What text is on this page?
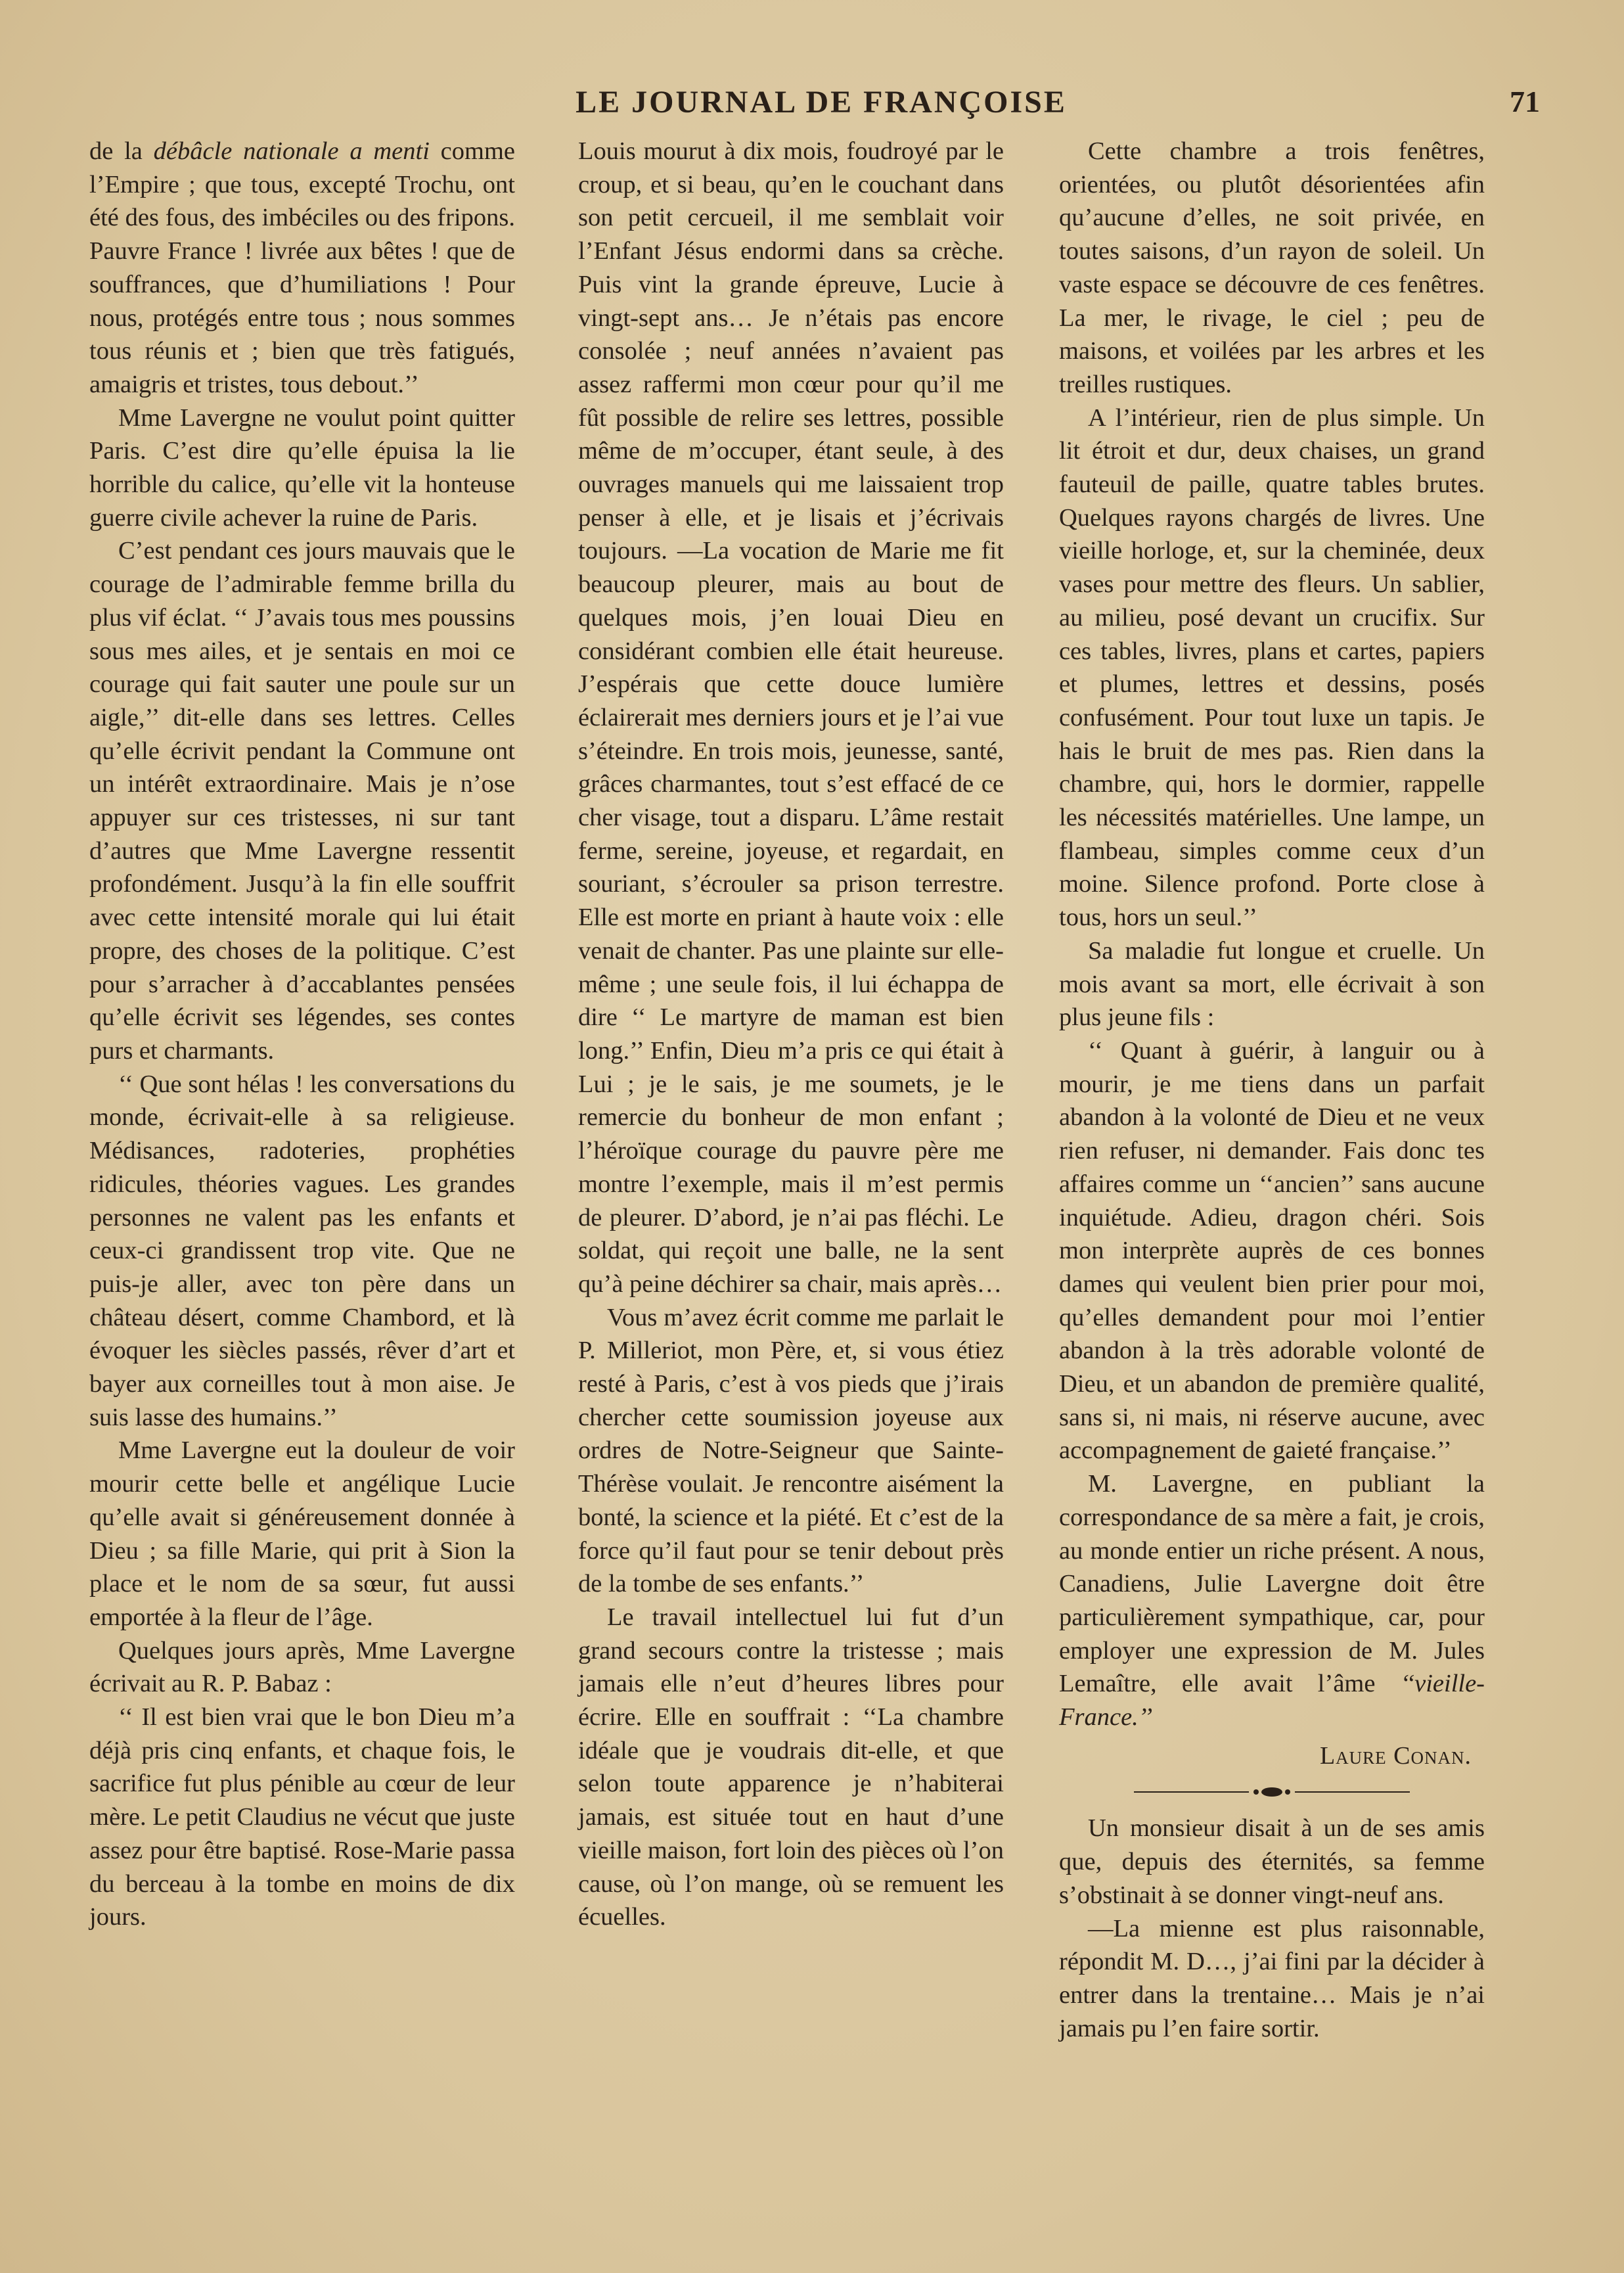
LE JOURNAL DE FRANÇOISE	71

de la débâcle nationale a menti comme l’Empire ; que tous, excepté Trochu, ont été des fous, des imbéciles ou des fripons. Pauvre France ! livrée aux bêtes ! que de souffrances, que d’humiliations ! Pour nous, protégés entre tous ; nous sommes tous réunis et ; bien que très fatigués, amaigris et tristes, tous debout.’’

Mme Lavergne ne voulut point quitter Paris. C’est dire qu’elle épuisa la lie horrible du calice, qu’elle vit la honteuse guerre civile achever la ruine de Paris.

C’est pendant ces jours mauvais que le courage de l’admirable femme brilla du plus vif éclat. ‘‘ J’avais tous mes poussins sous mes ailes, et je sentais en moi ce courage qui fait sauter une poule sur un aigle,’’ dit-elle dans ses lettres. Celles qu’elle écrivit pendant la Commune ont un intérêt extraordinaire. Mais je n’ose appuyer sur ces tristesses, ni sur tant d’autres que Mme Lavergne ressentit profondément. Jusqu’à la fin elle souffrit avec cette intensité morale qui lui était propre, des choses de la politique. C’est pour s’arracher à d’accablantes pensées qu’elle écrivit ses légendes, ses contes purs et charmants.

‘‘ Que sont hélas ! les conversations du monde, écrivait-elle à sa religieuse. Médisances, radoteries, prophéties ridicules, théories vagues. Les grandes personnes ne valent pas les enfants et ceux-ci grandissent trop vite. Que ne puis-je aller, avec ton père dans un château désert, comme Chambord, et là évoquer les siècles passés, rêver d’art et bayer aux corneilles tout à mon aise. Je suis lasse des humains.’’

Mme Lavergne eut la douleur de voir mourir cette belle et angélique Lucie qu’elle avait si généreusement donnée à Dieu ; sa fille Marie, qui prit à Sion la place et le nom de sa sœur, fut aussi emportée à la fleur de l’âge.

Quelques jours après, Mme Lavergne écrivait au R. P. Babaz :

‘‘ Il est bien vrai que le bon Dieu m’a déjà pris cinq enfants, et chaque fois, le sacrifice fut plus pénible au cœur de leur mère. Le petit Claudius ne vécut que juste assez pour être baptisé. Rose-Marie passa du berceau à la tombe en moins de dix jours.

Louis mourut à dix mois, foudroyé par le croup, et si beau, qu’en le couchant dans son petit cercueil, il me semblait voir l’Enfant Jésus endormi dans sa crèche. Puis vint la grande épreuve, Lucie à vingt-sept ans… Je n’étais pas encore consolée ; neuf années n’avaient pas assez raffermi mon cœur pour qu’il me fût possible de relire ses lettres, possible même de m’occuper, étant seule, à des ouvrages manuels qui me laissaient trop penser à elle, et je lisais et j’écrivais toujours. —La vocation de Marie me fit beaucoup pleurer, mais au bout de quelques mois, j’en louai Dieu en considérant combien elle était heureuse. J’espérais que cette douce lumière éclairerait mes derniers jours et je l’ai vue s’éteindre. En trois mois, jeunesse, santé, grâces charmantes, tout s’est effacé de ce cher visage, tout a disparu. L’âme restait ferme, sereine, joyeuse, et regardait, en souriant, s’écrouler sa prison terrestre. Elle est morte en priant à haute voix : elle venait de chanter. Pas une plainte sur elle-même ; une seule fois, il lui échappa de dire ‘‘ Le martyre de maman est bien long.’’ Enfin, Dieu m’a pris ce qui était à Lui ; je le sais, je me soumets, je le remercie du bonheur de mon enfant ; l’héroïque courage du pauvre père me montre l’exemple, mais il m’est permis de pleurer. D’abord, je n’ai pas fléchi. Le soldat, qui reçoit une balle, ne la sent qu’à peine déchirer sa chair, mais après…

Vous m’avez écrit comme me parlait le P. Milleriot, mon Père, et, si vous étiez resté à Paris, c’est à vos pieds que j’irais chercher cette soumission joyeuse aux ordres de Notre-Seigneur que Sainte-Thérèse voulait. Je rencontre aisément la bonté, la science et la piété. Et c’est de la force qu’il faut pour se tenir debout près de la tombe de ses enfants.’’

Le travail intellectuel lui fut d’un grand secours contre la tristesse ; mais jamais elle n’eut d’heures libres pour écrire. Elle en souffrait : ‘‘La chambre idéale que je voudrais dit-elle, et que selon toute apparence je n’habiterai jamais, est située tout en haut d’une vieille maison, fort loin des pièces où l’on cause, où l’on mange, où se remuent les écuelles.

Cette chambre a trois fenêtres, orientées, ou plutôt désorientées afin qu’aucune d’elles, ne soit privée, en toutes saisons, d’un rayon de soleil. Un vaste espace se découvre de ces fenêtres. La mer, le rivage, le ciel ; peu de maisons, et voilées par les arbres et les treilles rustiques.

A l’intérieur, rien de plus simple. Un lit étroit et dur, deux chaises, un grand fauteuil de paille, quatre tables brutes. Quelques rayons chargés de livres. Une vieille horloge, et, sur la cheminée, deux vases pour mettre des fleurs. Un sablier, au milieu, posé devant un crucifix. Sur ces tables, livres, plans et cartes, papiers et plumes, lettres et dessins, posés confusément. Pour tout luxe un tapis. Je hais le bruit de mes pas. Rien dans la chambre, qui, hors le dormier, rappelle les nécessités matérielles. Une lampe, un flambeau, simples comme ceux d’un moine. Silence profond. Porte close à tous, hors un seul.’’

Sa maladie fut longue et cruelle. Un mois avant sa mort, elle écrivait à son plus jeune fils :

‘‘ Quant à guérir, à languir ou à mourir, je me tiens dans un parfait abandon à la volonté de Dieu et ne veux rien refuser, ni demander. Fais donc tes affaires comme un ‘‘ancien’’ sans aucune inquiétude. Adieu, dragon chéri. Sois mon interprète auprès de ces bonnes dames qui veulent bien prier pour moi, qu’elles demandent pour moi l’entier abandon à la très adorable volonté de Dieu, et un abandon de première qualité, sans si, ni mais, ni réserve aucune, avec accompagnement de gaieté française.’’

M. Lavergne, en publiant la correspondance de sa mère a fait, je crois, au monde entier un riche présent. A nous, Canadiens, Julie Lavergne doit être particulièrement sympathique, car, pour employer une expression de M. Jules Lemaître, elle avait l’âme ‘‘vieille-France.’’

Laure Conan.

Un monsieur disait à un de ses amis que, depuis des éternités, sa femme s’obstinait à se donner vingt-neuf ans.

—La mienne est plus raisonnable, répondit M. D…, j’ai fini par la décider à entrer dans la trentaine… Mais je n’ai jamais pu l’en faire sortir.
